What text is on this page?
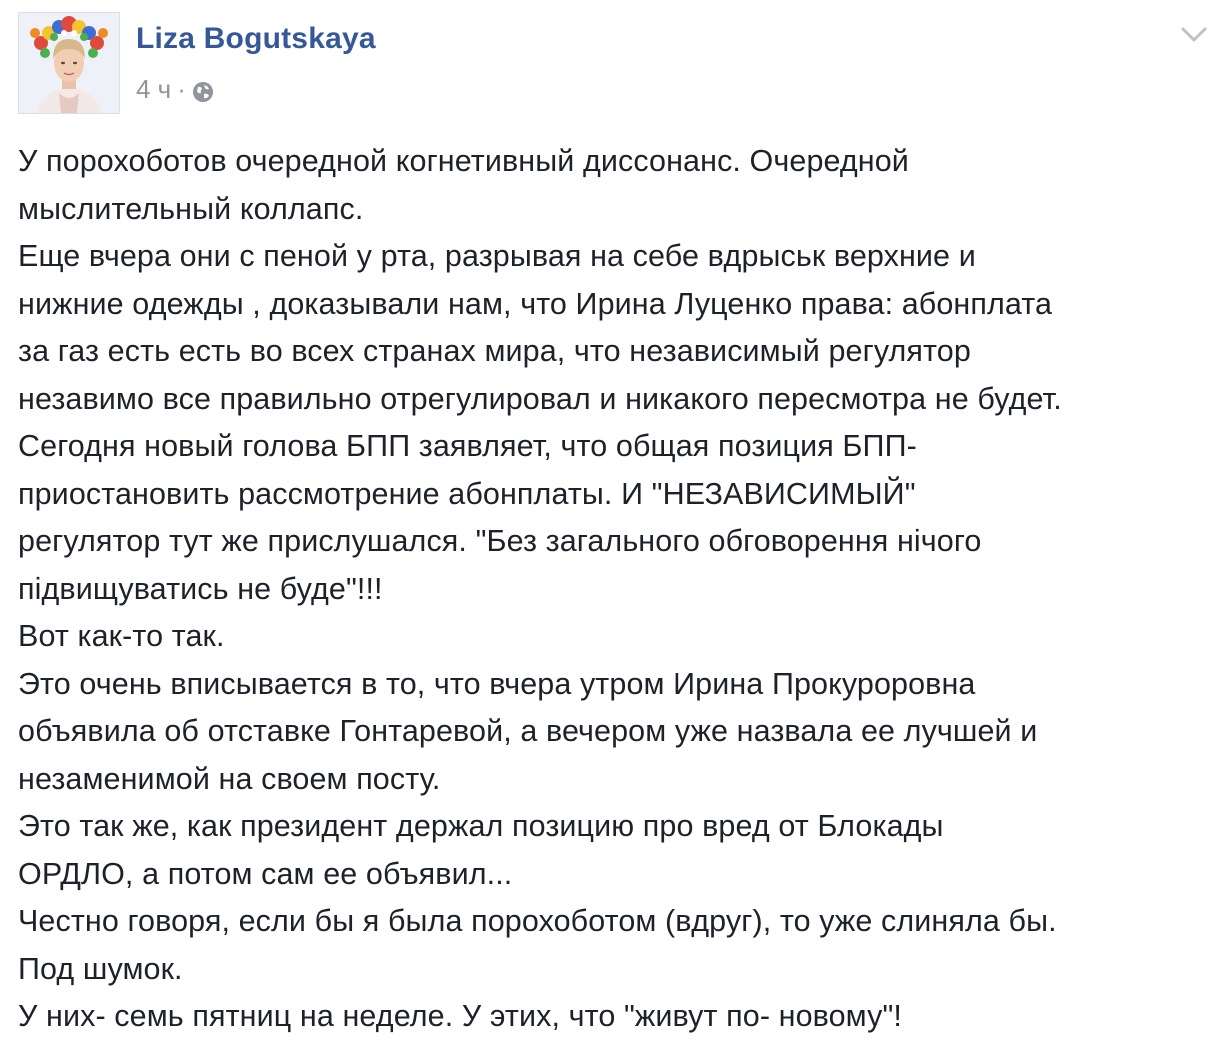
Liza Bogutskaya
4 ч ·
У порохоботов очередной когнетивный диссонанс. Очередной
мыслительный коллапс.
Еще вчера они с пеной у рта, разрывая на себе вдрыськ верхние и
нижние одежды , доказывали нам, что Ирина Луценко права: абонплата
за газ есть есть во всех странах мира, что независимый регулятор
незавимо все правильно отрегулировал и никакого пересмотра не будет.
Сегодня новый голова БПП заявляет, что общая позиция БПП-
приостановить рассмотрение абонплаты. И "НЕЗАВИСИМЫЙ"
регулятор тут же прислушался. "Без загального обговорення нічого
підвищуватись не буде"!!!
Вот как-то так.
Это очень вписывается в то, что вчера утром Ирина Прокуроровна
объявила об отставке Гонтаревой, а вечером уже назвала ее лучшей и
незаменимой на своем посту.
Это так же, как президент держал позицию про вред от Блокады
ОРДЛО, а потом сам ее объявил...
Честно говоря, если бы я была порохоботом (вдруг), то уже слиняла бы.
Под шумок.
У них- семь пятниц на неделе. У этих, что "живут по- новому"!
